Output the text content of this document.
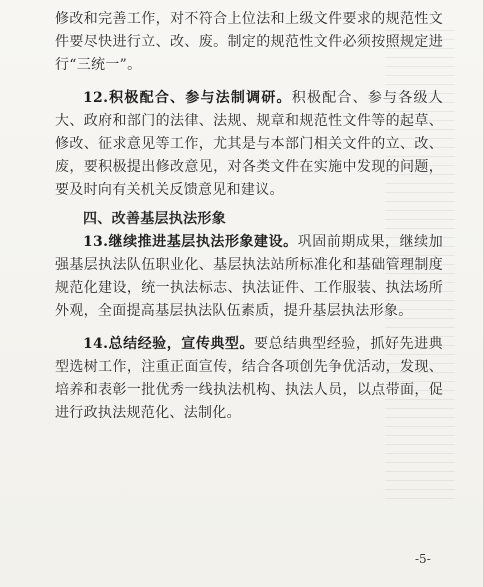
修改和完善工作，对不符合上位法和上级文件要求的规范性文件要尽快进行立、改、废。制定的规范性文件必须按照规定进行“三统一”。

12.积极配合、参与法制调研。积极配合、参与各级人大、政府和部门的法律、法规、规章和规范性文件等的起草、修改、征求意见等工作，尤其是与本部门相关文件的立、改、废，要积极提出修改意见，对各类文件在实施中发现的问题，要及时向有关机关反馈意见和建议。

四、改善基层执法形象

13.继续推进基层执法形象建设。巩固前期成果，继续加强基层执法队伍职业化、基层执法站所标准化和基础管理制度规范化建设，统一执法标志、执法证件、工作服装、执法场所外观，全面提高基层执法队伍素质，提升基层执法形象。

14.总结经验，宣传典型。要总结典型经验，抓好先进典型选树工作，注重正面宣传，结合各项创先争优活动，发现、培养和表彰一批优秀一线执法机构、执法人员，以点带面，促进行政执法规范化、法制化。

-5-
